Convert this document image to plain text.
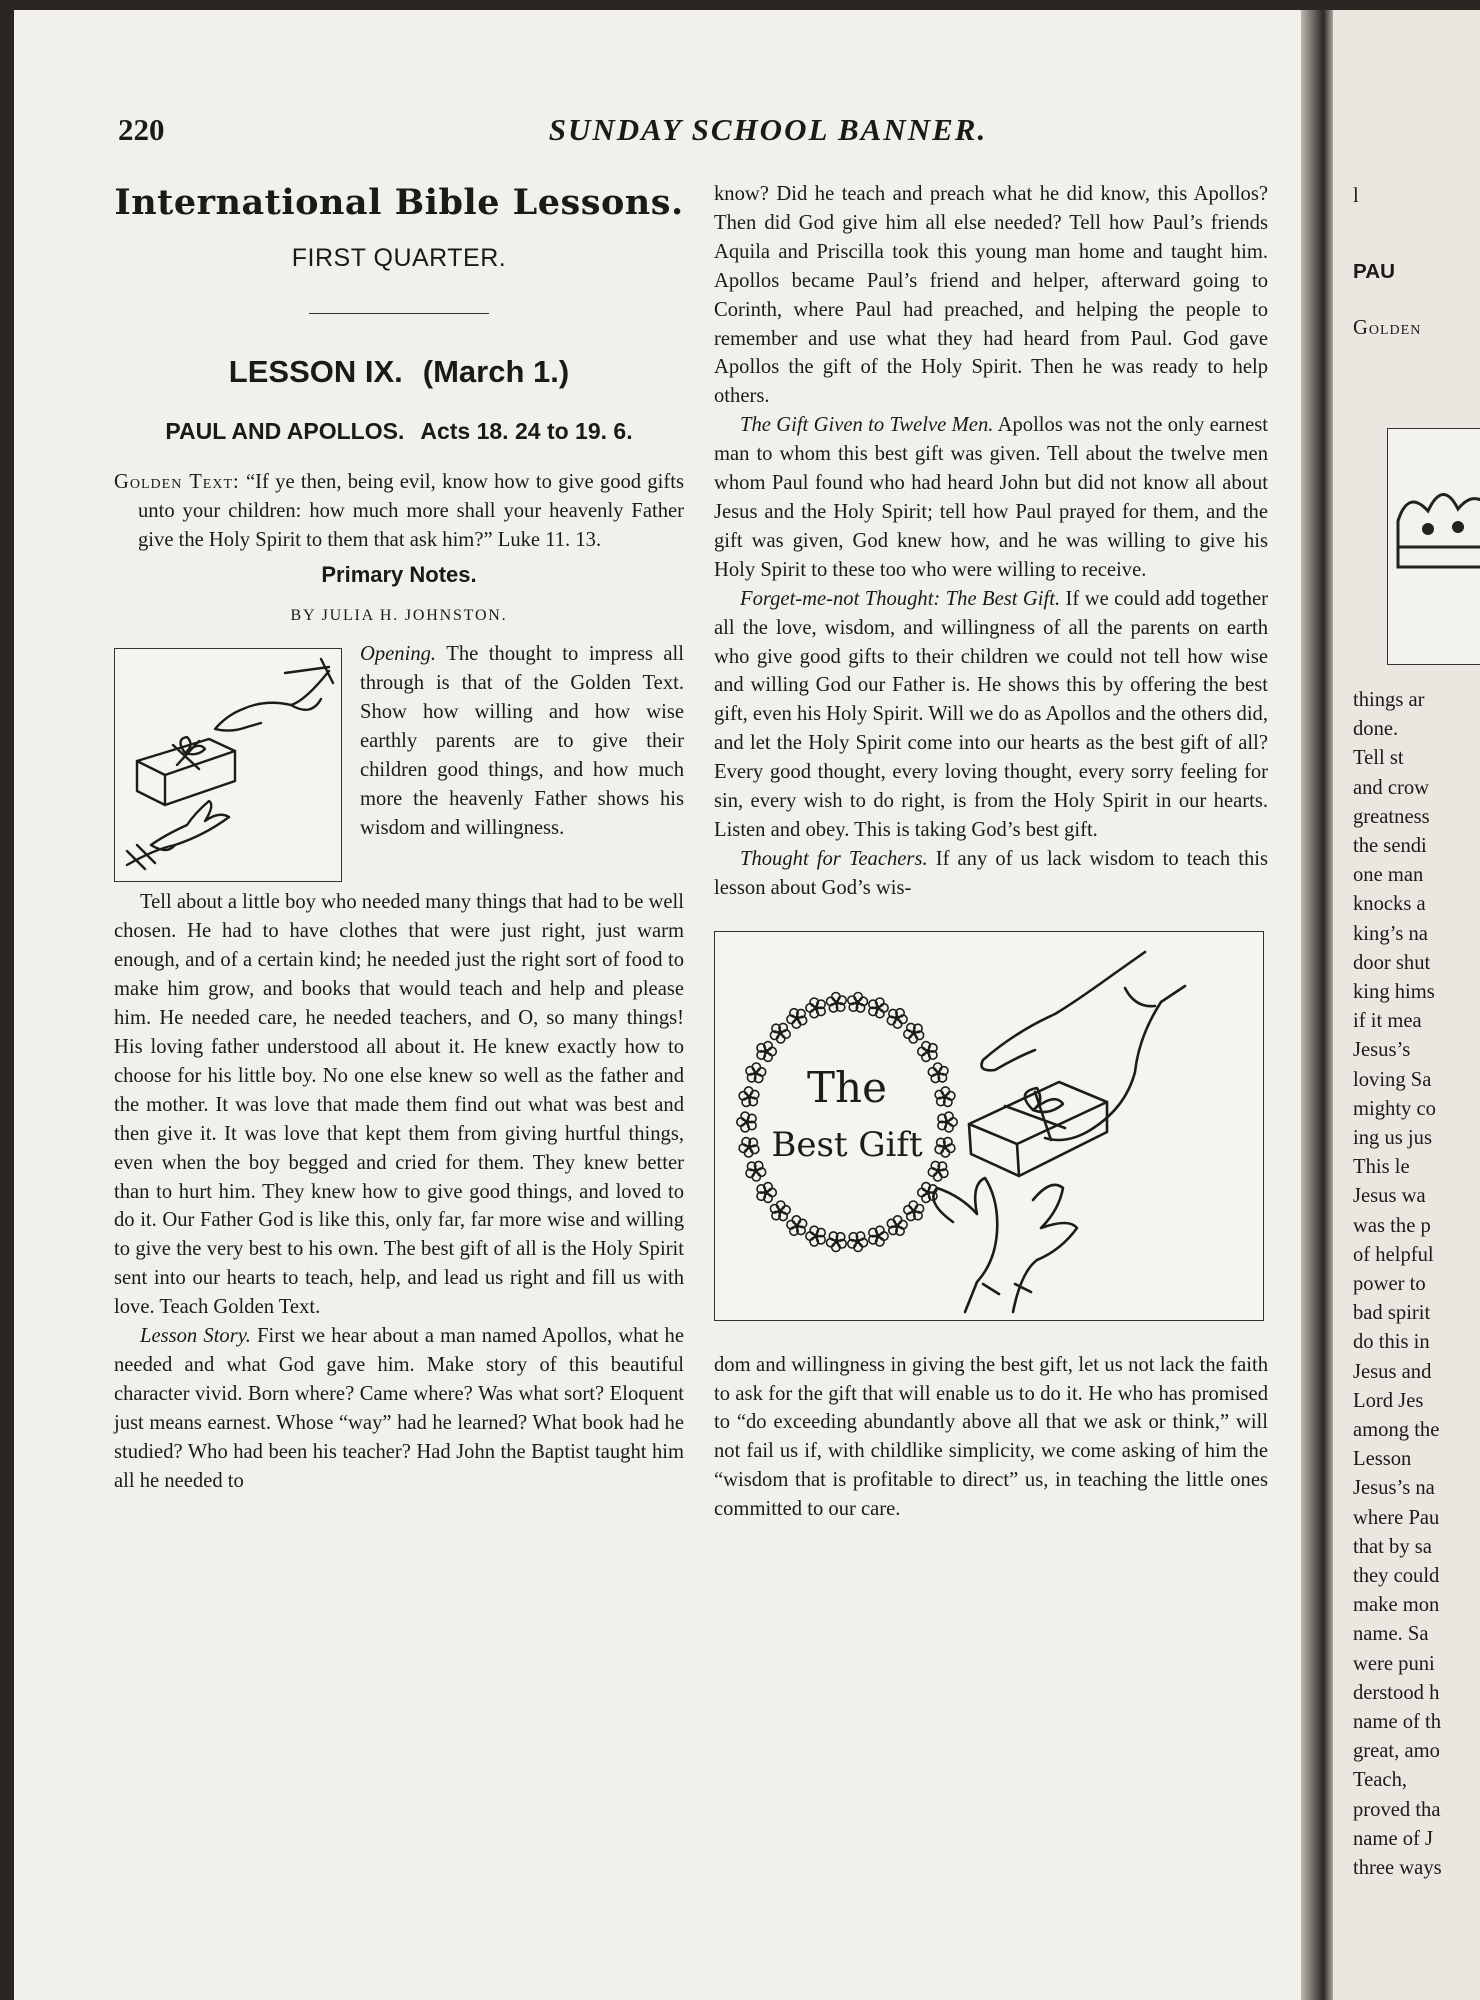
l
PAU
Golden
things ar
done.
Tell st
and crow
greatness
the sendi
one man
knocks a
king’s na
door shut
king hims
if it mea
Jesus’s
loving Sa
mighty co
ing us jus
This le
Jesus wa
was the p
of helpful
power to
bad spirit
do this in
Jesus and
Lord Jes
among the
Lesson
Jesus’s na
where Pau
that by sa
they could
make mon
name. Sa
were puni
derstood h
name of th
great, amo
Teach,
proved tha
name of J
three ways
220	SUNDAY SCHOOL BANNER.
International Bible Lessons.
FIRST QUARTER.
LESSON IX. (March 1.)
PAUL AND APOLLOS. Acts 18. 24 to 19. 6.

Golden Text: “If ye then, being evil, know how to give good gifts unto your children: how much more shall your heavenly Father give the Holy Spirit to them that ask him?” Luke 11. 13.

Primary Notes.
BY JULIA H. JOHNSTON.

Opening. The thought to impress all through is that of the Golden Text. Show how willing and how wise earthly parents are to give their children good things, and how much more the heavenly Father shows his wisdom and willingness.

Tell about a little boy who needed many things that had to be well chosen. He had to have clothes that were just right, just warm enough, and of a certain kind; he needed just the right sort of food to make him grow, and books that would teach and help and please him. He needed care, he needed teachers, and O, so many things! His loving father understood all about it. He knew exactly how to choose for his little boy. No one else knew so well as the father and the mother. It was love that made them find out what was best and then give it. It was love that kept them from giving hurtful things, even when the boy begged and cried for them. They knew better than to hurt him. They knew how to give good things, and loved to do it. Our Father God is like this, only far, far more wise and willing to give the very best to his own. The best gift of all is the Holy Spirit sent into our hearts to teach, help, and lead us right and fill us with love. Teach Golden Text.

Lesson Story. First we hear about a man named Apollos, what he needed and what God gave him. Make story of this beautiful character vivid. Born where? Came where? Was what sort? Eloquent just means earnest. Whose “way” had he learned? What book had he studied? Who had been his teacher? Had John the Baptist taught him all he needed to

know? Did he teach and preach what he did know, this Apollos? Then did God give him all else needed? Tell how Paul’s friends Aquila and Priscilla took this young man home and taught him. Apollos became Paul’s friend and helper, afterward going to Corinth, where Paul had preached, and helping the people to remember and use what they had heard from Paul. God gave Apollos the gift of the Holy Spirit. Then he was ready to help others.

The Gift Given to Twelve Men. Apollos was not the only earnest man to whom this best gift was given. Tell about the twelve men whom Paul found who had heard John but did not know all about Jesus and the Holy Spirit; tell how Paul prayed for them, and the gift was given, God knew how, and he was willing to give his Holy Spirit to these too who were willing to receive.

Forget-me-not Thought: The Best Gift. If we could add together all the love, wisdom, and willingness of all the parents on earth who give good gifts to their children we could not tell how wise and willing God our Father is. He shows this by offering the best gift, even his Holy Spirit. Will we do as Apollos and the others did, and let the Holy Spirit come into our hearts as the best gift of all? Every good thought, every loving thought, every sorry feeling for sin, every wish to do right, is from the Holy Spirit in our hearts. Listen and obey. This is taking God’s best gift.

Thought for Teachers. If any of us lack wisdom to teach this lesson about God’s wis-

The
Best Gift

dom and willingness in giving the best gift, let us not lack the faith to ask for the gift that will enable us to do it. He who has promised to “do exceeding abundantly above all that we ask or think,” will not fail us if, with childlike simplicity, we come asking of him the “wisdom that is profitable to direct” us, in teaching the little ones committed to our care.
